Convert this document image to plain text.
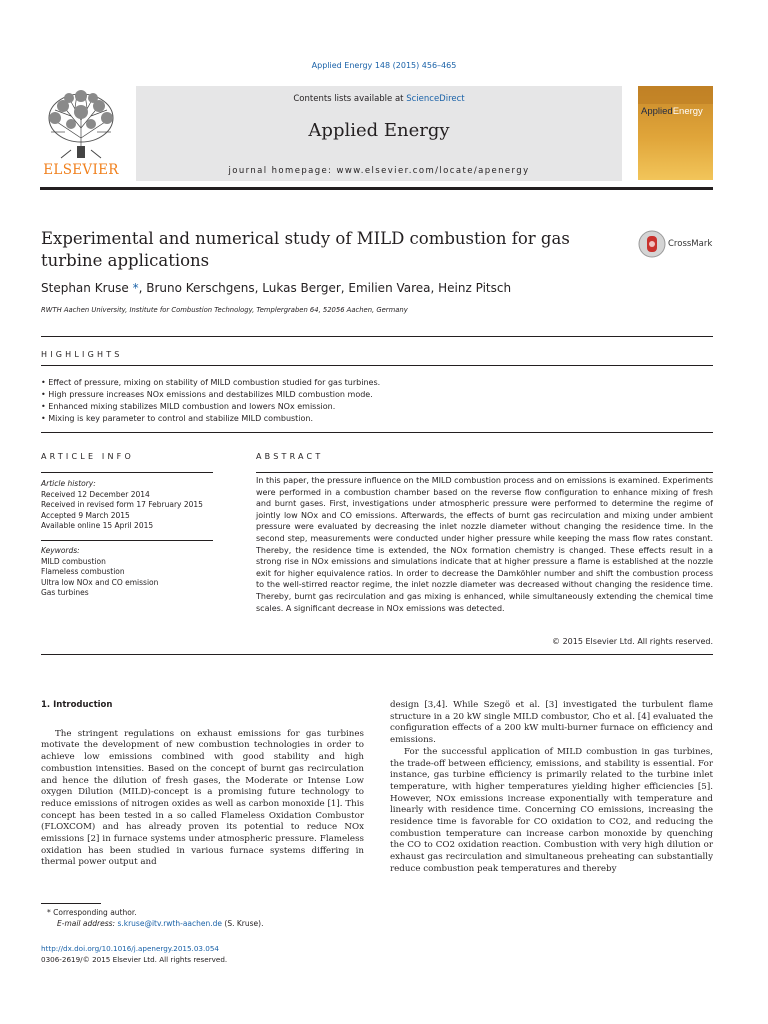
Applied Energy 148 (2015) 456–465
Contents lists available at ScienceDirect
Applied Energy
journal homepage: www.elsevier.com/locate/apenergy
ELSEVIER
AppliedEnergy
Experimental and numerical study of MILD combustion for gas turbine applications
CrossMark
Stephan Kruse *, Bruno Kerschgens, Lukas Berger, Emilien Varea, Heinz Pitsch
RWTH Aachen University, Institute for Combustion Technology, Templergraben 64, 52056 Aachen, Germany
HIGHLIGHTS
• Effect of pressure, mixing on stability of MILD combustion studied for gas turbines.
• High pressure increases NOx emissions and destabilizes MILD combustion mode.
• Enhanced mixing stabilizes MILD combustion and lowers NOx emission.
• Mixing is key parameter to control and stabilize MILD combustion.
ARTICLE INFO
Article history:
Received 12 December 2014
Received in revised form 17 February 2015
Accepted 9 March 2015
Available online 15 April 2015
Keywords:
MILD combustion
Flameless combustion
Ultra low NOx and CO emission
Gas turbines
ABSTRACT
In this paper, the pressure influence on the MILD combustion process and on emissions is examined. Experiments were performed in a combustion chamber based on the reverse flow configuration to enhance mixing of fresh and burnt gases. First, investigations under atmospheric pressure were performed to determine the regime of jointly low NOx and CO emissions. Afterwards, the effects of burnt gas recirculation and mixing under ambient pressure were evaluated by decreasing the inlet nozzle diameter without changing the residence time. In the second step, measurements were conducted under higher pressure while keeping the mass flow rates constant. Thereby, the residence time is extended, the NOx formation chemistry is changed. These effects result in a strong rise in NOx emissions and simulations indicate that at higher pressure a flame is established at the nozzle exit for higher equivalence ratios. In order to decrease the Damköhler number and shift the combustion process to the well-stirred reactor regime, the inlet nozzle diameter was decreased without changing the residence time. Thereby, burnt gas recirculation and gas mixing is enhanced, while simultaneously extending the chemical time scales. A significant decrease in NOx emissions was detected.
© 2015 Elsevier Ltd. All rights reserved.
1. Introduction

The stringent regulations on exhaust emissions for gas turbines motivate the development of new combustion technologies in order to achieve low emissions combined with good stability and high combustion intensities. Based on the concept of burnt gas recirculation and hence the dilution of fresh gases, the Moderate or Intense Low oxygen Dilution (MILD)-concept is a promising future technology to reduce emissions of nitrogen oxides as well as carbon monoxide [1]. This concept has been tested in a so called Flameless Oxidation Combustor (FLOXCOM) and has already proven its potential to reduce NOx emissions [2] in furnace systems under atmospheric pressure. Flameless oxidation has been studied in various furnace systems differing in thermal power output and

design [3,4]. While Szegö et al. [3] investigated the turbulent flame structure in a 20 kW single MILD combustor, Cho et al. [4] evaluated the configuration effects of a 200 kW multi-burner furnace on efficiency and emissions.

For the successful application of MILD combustion in gas turbines, the trade-off between efficiency, emissions, and stability is essential. For instance, gas turbine efficiency is primarily related to the turbine inlet temperature, with higher temperatures yielding higher efficiencies [5]. However, NOx emissions increase exponentially with temperature and linearly with residence time. Concerning CO emissions, increasing the residence time is favorable for CO oxidation to CO2, and reducing the combustion temperature can increase carbon monoxide by quenching the CO to CO2 oxidation reaction. Combustion with very high dilution or exhaust gas recirculation and simultaneous preheating can substantially reduce combustion peak temperatures and thereby

* Corresponding author.
E-mail address: s.kruse@itv.rwth-aachen.de (S. Kruse).
http://dx.doi.org/10.1016/j.apenergy.2015.03.054
0306-2619/© 2015 Elsevier Ltd. All rights reserved.
